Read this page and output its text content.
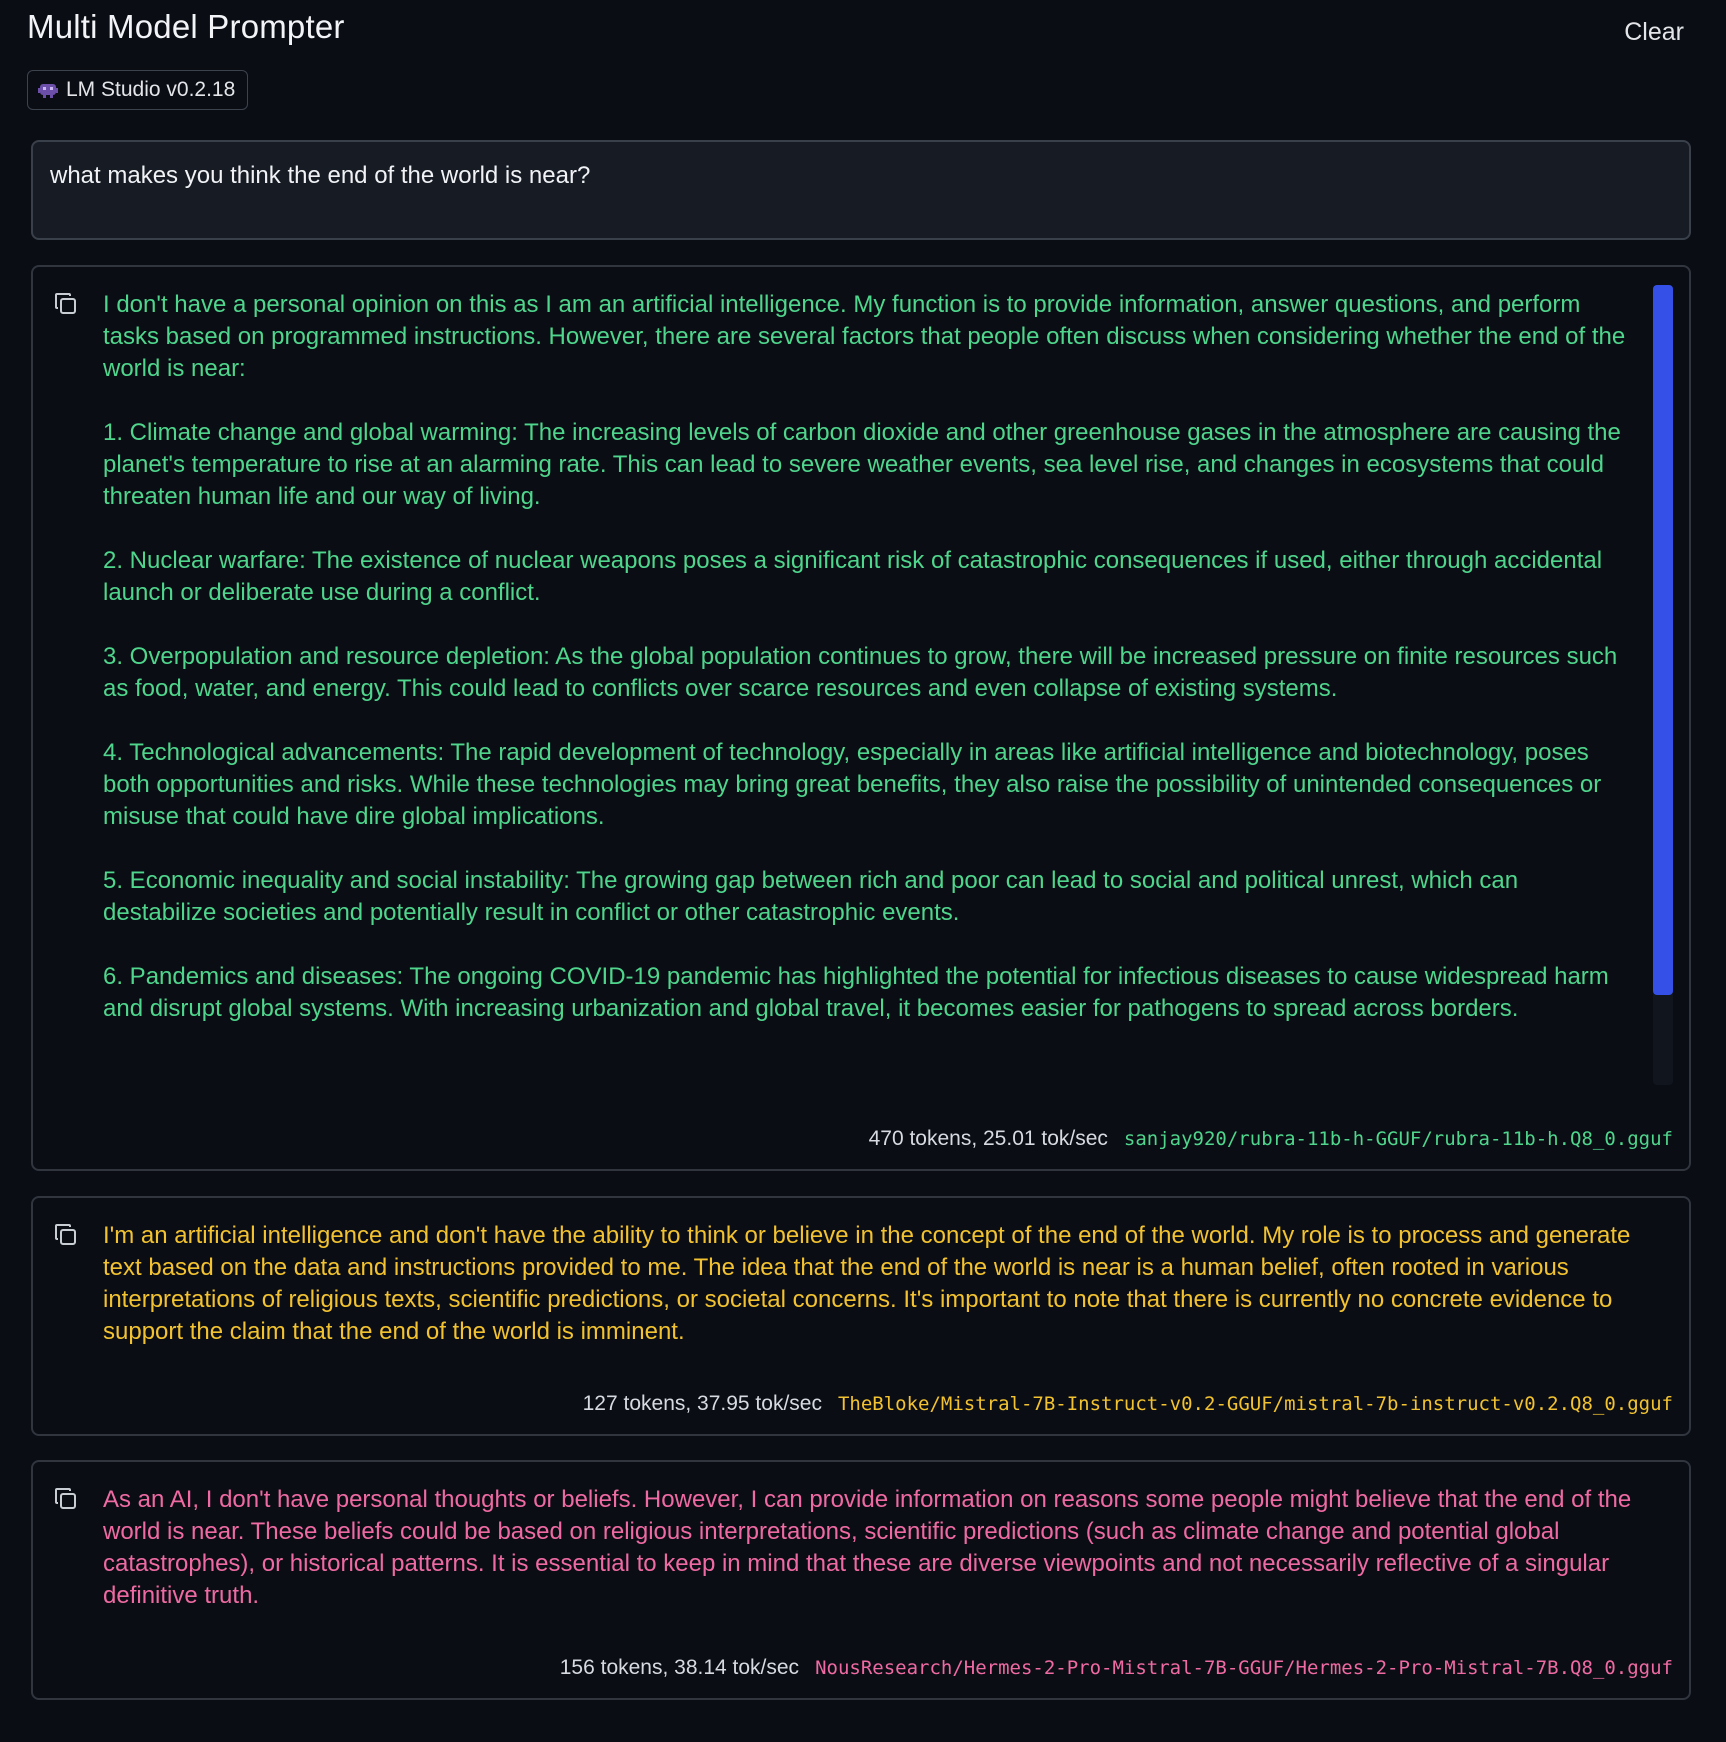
Multi Model Prompter	Clear
LM Studio v0.2.18
what makes you think the end of the world is near?

I don't have a personal opinion on this as I am an artificial intelligence. My function is to provide information, answer questions, and perform tasks based on programmed instructions. However, there are several factors that people often discuss when considering whether the end of the world is near:

1. Climate change and global warming: The increasing levels of carbon dioxide and other greenhouse gases in the atmosphere are causing the planet's temperature to rise at an alarming rate. This can lead to severe weather events, sea level rise, and changes in ecosystems that could threaten human life and our way of living.

2. Nuclear warfare: The existence of nuclear weapons poses a significant risk of catastrophic consequences if used, either through accidental launch or deliberate use during a conflict.

3. Overpopulation and resource depletion: As the global population continues to grow, there will be increased pressure on finite resources such as food, water, and energy. This could lead to conflicts over scarce resources and even collapse of existing systems.

4. Technological advancements: The rapid development of technology, especially in areas like artificial intelligence and biotechnology, poses both opportunities and risks. While these technologies may bring great benefits, they also raise the possibility of unintended consequences or misuse that could have dire global implications.

5. Economic inequality and social instability: The growing gap between rich and poor can lead to social and political unrest, which can destabilize societies and potentially result in conflict or other catastrophic events.

6. Pandemics and diseases: The ongoing COVID-19 pandemic has highlighted the potential for infectious diseases to cause widespread harm and disrupt global systems. With increasing urbanization and global travel, it becomes easier for pathogens to spread across borders.

470 tokens, 25.01 tok/sec sanjay920/rubra-11b-h-GGUF/rubra-11b-h.Q8_0.gguf

I'm an artificial intelligence and don't have the ability to think or believe in the concept of the end of the world. My role is to process and generate text based on the data and instructions provided to me. The idea that the end of the world is near is a human belief, often rooted in various interpretations of religious texts, scientific predictions, or societal concerns. It's important to note that there is currently no concrete evidence to support the claim that the end of the world is imminent.

127 tokens, 37.95 tok/sec TheBloke/Mistral-7B-Instruct-v0.2-GGUF/mistral-7b-instruct-v0.2.Q8_0.gguf

As an AI, I don't have personal thoughts or beliefs. However, I can provide information on reasons some people might believe that the end of the world is near. These beliefs could be based on religious interpretations, scientific predictions (such as climate change and potential global catastrophes), or historical patterns. It is essential to keep in mind that these are diverse viewpoints and not necessarily reflective of a singular definitive truth.

156 tokens, 38.14 tok/sec NousResearch/Hermes-2-Pro-Mistral-7B-GGUF/Hermes-2-Pro-Mistral-7B.Q8_0.gguf
